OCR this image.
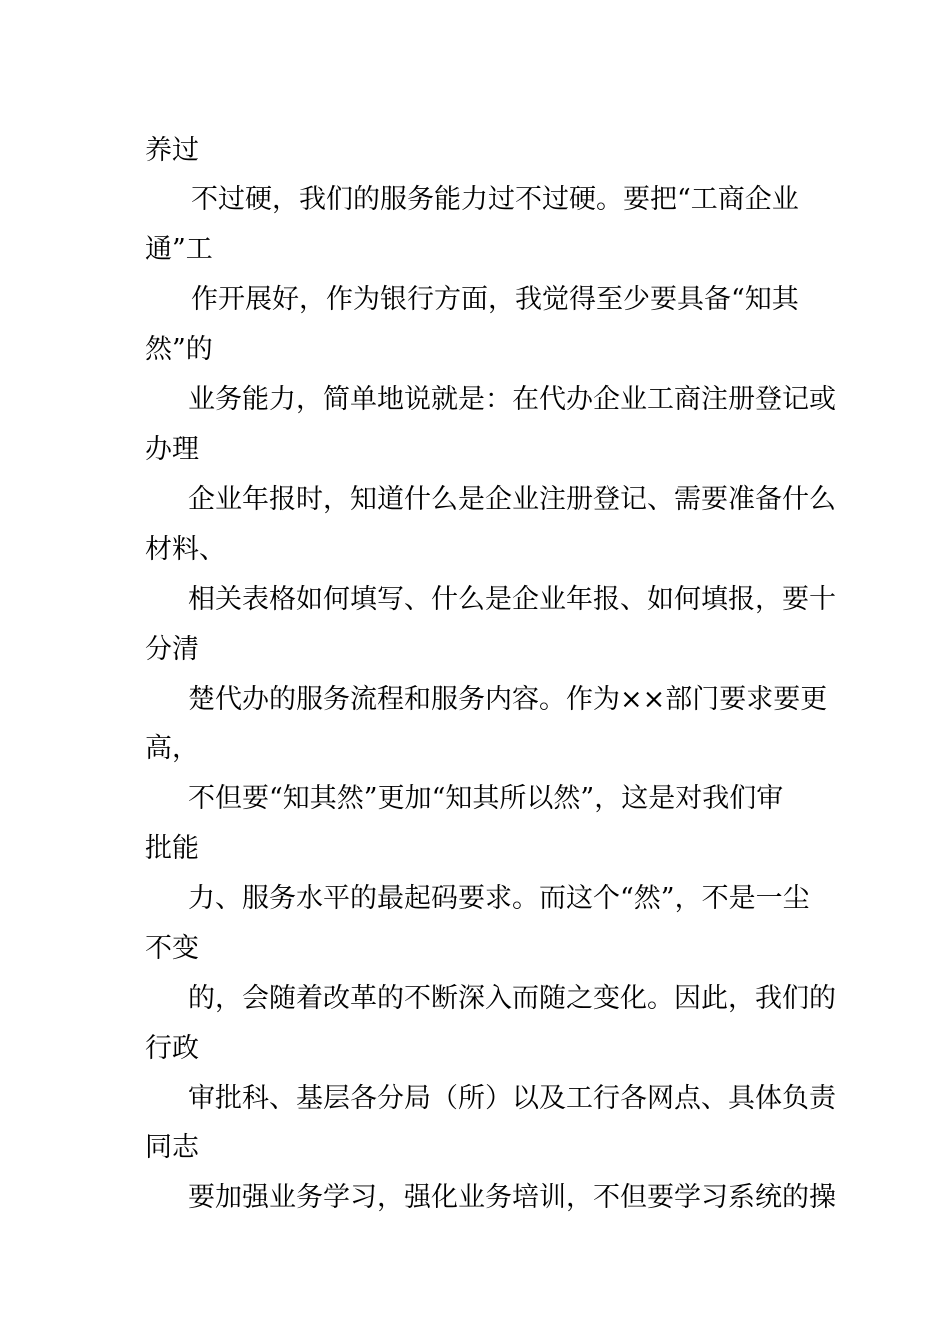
养过
不过硬，我们的服务能力过不过硬。要把“工商企业
通”工
作开展好，作为银行方面，我觉得至少要具备“知其
然”的
业务能力，简单地说就是：在代办企业工商注册登记或
办理
企业年报时，知道什么是企业注册登记、需要准备什么
材料、
相关表格如何填写、什么是企业年报、如何填报，要十
分清
楚代办的服务流程和服务内容。作为××部门要求要更
高，
不但要“知其然”更加“知其所以然”，这是对我们审
批能
力、服务水平的最起码要求。而这个“然”，不是一尘
不变
的，会随着改革的不断深入而随之变化。因此，我们的
行政
审批科、基层各分局（所）以及工行各网点、具体负责
同志
要加强业务学习，强化业务培训，不但要学习系统的操
